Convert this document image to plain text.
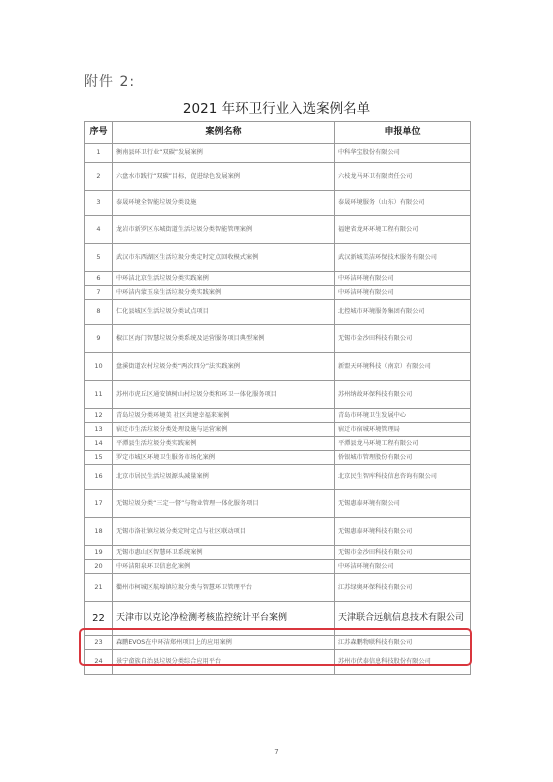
附件 2:
2021 年环卫行业入选案例名单
序号	案例名称	申报单位
1	衡南县环卫行业“双碳”发展案例	中科华宝股份有限公司
2	六盘水市践行“双碳”目标，促进绿色发展案例	六枝龙马环卫有限责任公司
3	泰晟环境全智能垃圾分类设施	泰晟环境服务（山东）有限公司
4	龙岩市新罗区东城街道生活垃圾分类智能管理案例	福建省龙环环境工程有限公司
5	武汉市东西湖区生活垃圾分类定时定点回收模式案例	武汉新城美洁环保技术服务有限公司
6	中环洁北京生活垃圾分类实践案例	中环洁环境有限公司
7	中环洁内蒙玉泉生活垃圾分类实践案例	中环洁环境有限公司
8	仁化县城区生活垃圾分类试点项目	北控城市环境服务集团有限公司
9	椒江区海门智慧垃圾分类系统及运营服务项目典型案例	无锡市金沙田科技有限公司
10	盘溪街道农村垃圾分类“两次四分”法实践案例	新盟天环境科技（南京）有限公司
11	苏州市虎丘区通安镇树山村垃圾分类和环卫一体化服务项目	苏州纳故环保科技有限公司
12	青岛垃圾分类环境美 社区共建幸福来案例	青岛市环境卫生发展中心
13	宿迁市生活垃圾分类处理设施与运营案例	宿迁市宿城环境管理局
14	平潭县生活垃圾分类实践案例	平潭县龙马环境工程有限公司
15	罗定市城区环境卫生服务市场化案例	侨银城市管理股份有限公司
16	北京市居民生活垃圾源头减量案例	北京民生智库科技信息咨询有限公司
17	无锡垃圾分类“三定一督”与物业管理一体化服务项目	无锡惠泰环境有限公司
18	无锡市洛社镇垃圾分类定时定点与社区联动项目	无锡惠泰环境科技有限公司
19	无锡市惠山区智慧环卫系统案例	无锡市金沙田科技有限公司
20	中环洁阳泉环卫信息化案例	中环洁环境有限公司
21	衢州市柯城区航埠镇垃圾分类与智慧环卫管理平台	江苏绿奥环保科技有限公司
22	天津市以克论净检测考核监控统计平台案例	天津联合远航信息技术有限公司
23	森鹏EVOS在中环洁郑州项目上的应用案例	江苏森鹏物联科技有限公司
24	景宁畲族自治县垃圾分类综合应用平台	苏州市伏泰信息科技股份有限公司
7
